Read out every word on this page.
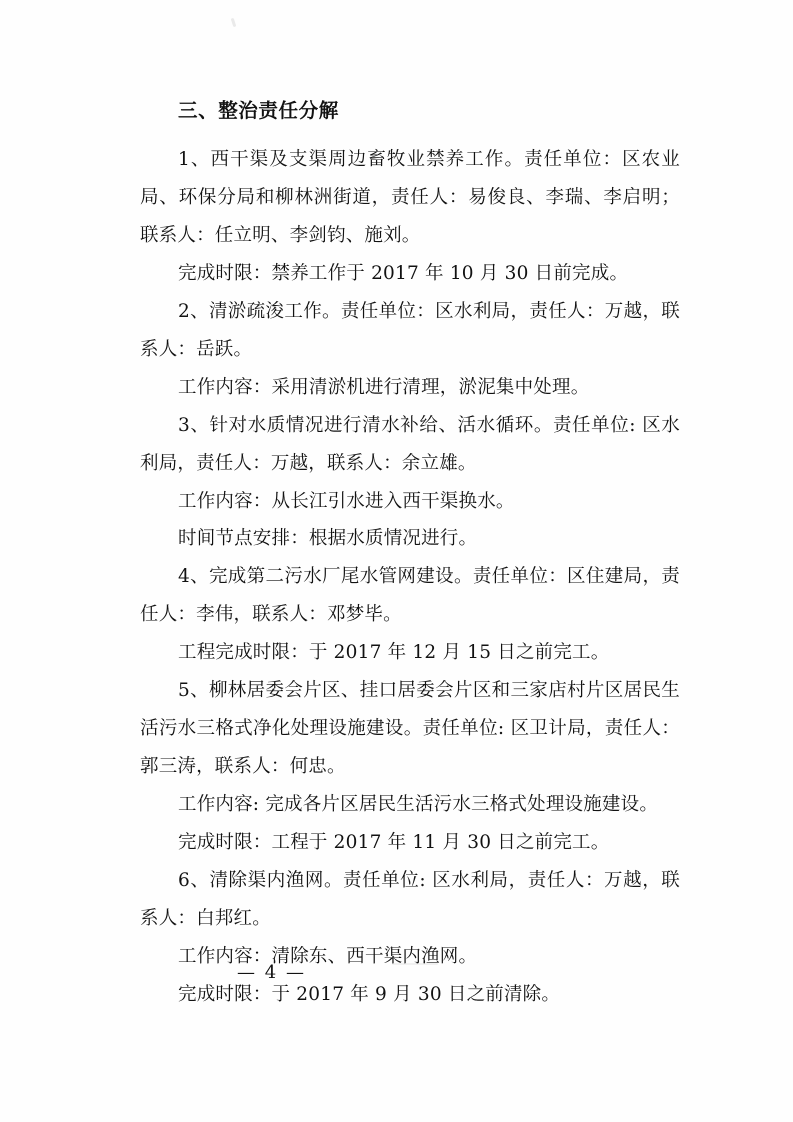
三、整治责任分解

1、西干渠及支渠周边畜牧业禁养工作。责任单位：区农业局、环保分局和柳林洲街道，责任人：易俊良、李瑞、李启明；联系人：任立明、李剑钧、施刘。

完成时限：禁养工作于 2017 年 10 月 30 日前完成。

2、清淤疏浚工作。责任单位：区水利局，责任人：万越，联系人：岳跃。

工作内容：采用清淤机进行清理，淤泥集中处理。

3、针对水质情况进行清水补给、活水循环。责任单位: 区水利局，责任人：万越，联系人：余立雄。

工作内容：从长江引水进入西干渠换水。

时间节点安排：根据水质情况进行。

4、完成第二污水厂尾水管网建设。责任单位：区住建局，责任人：李伟，联系人：邓梦毕。

工程完成时限：于 2017 年 12 月 15 日之前完工。

5、柳林居委会片区、挂口居委会片区和三家店村片区居民生活污水三格式净化处理设施建设。责任单位: 区卫计局，责任人：郭三涛，联系人：何忠。

工作内容: 完成各片区居民生活污水三格式处理设施建设。

完成时限：工程于 2017 年 11 月 30 日之前完工。

6、清除渠内渔网。责任单位: 区水利局，责任人：万越，联系人：白邦红。

工作内容：清除东、西干渠内渔网。

完成时限：于 2017 年 9 月 30 日之前清除。

— 4 —
